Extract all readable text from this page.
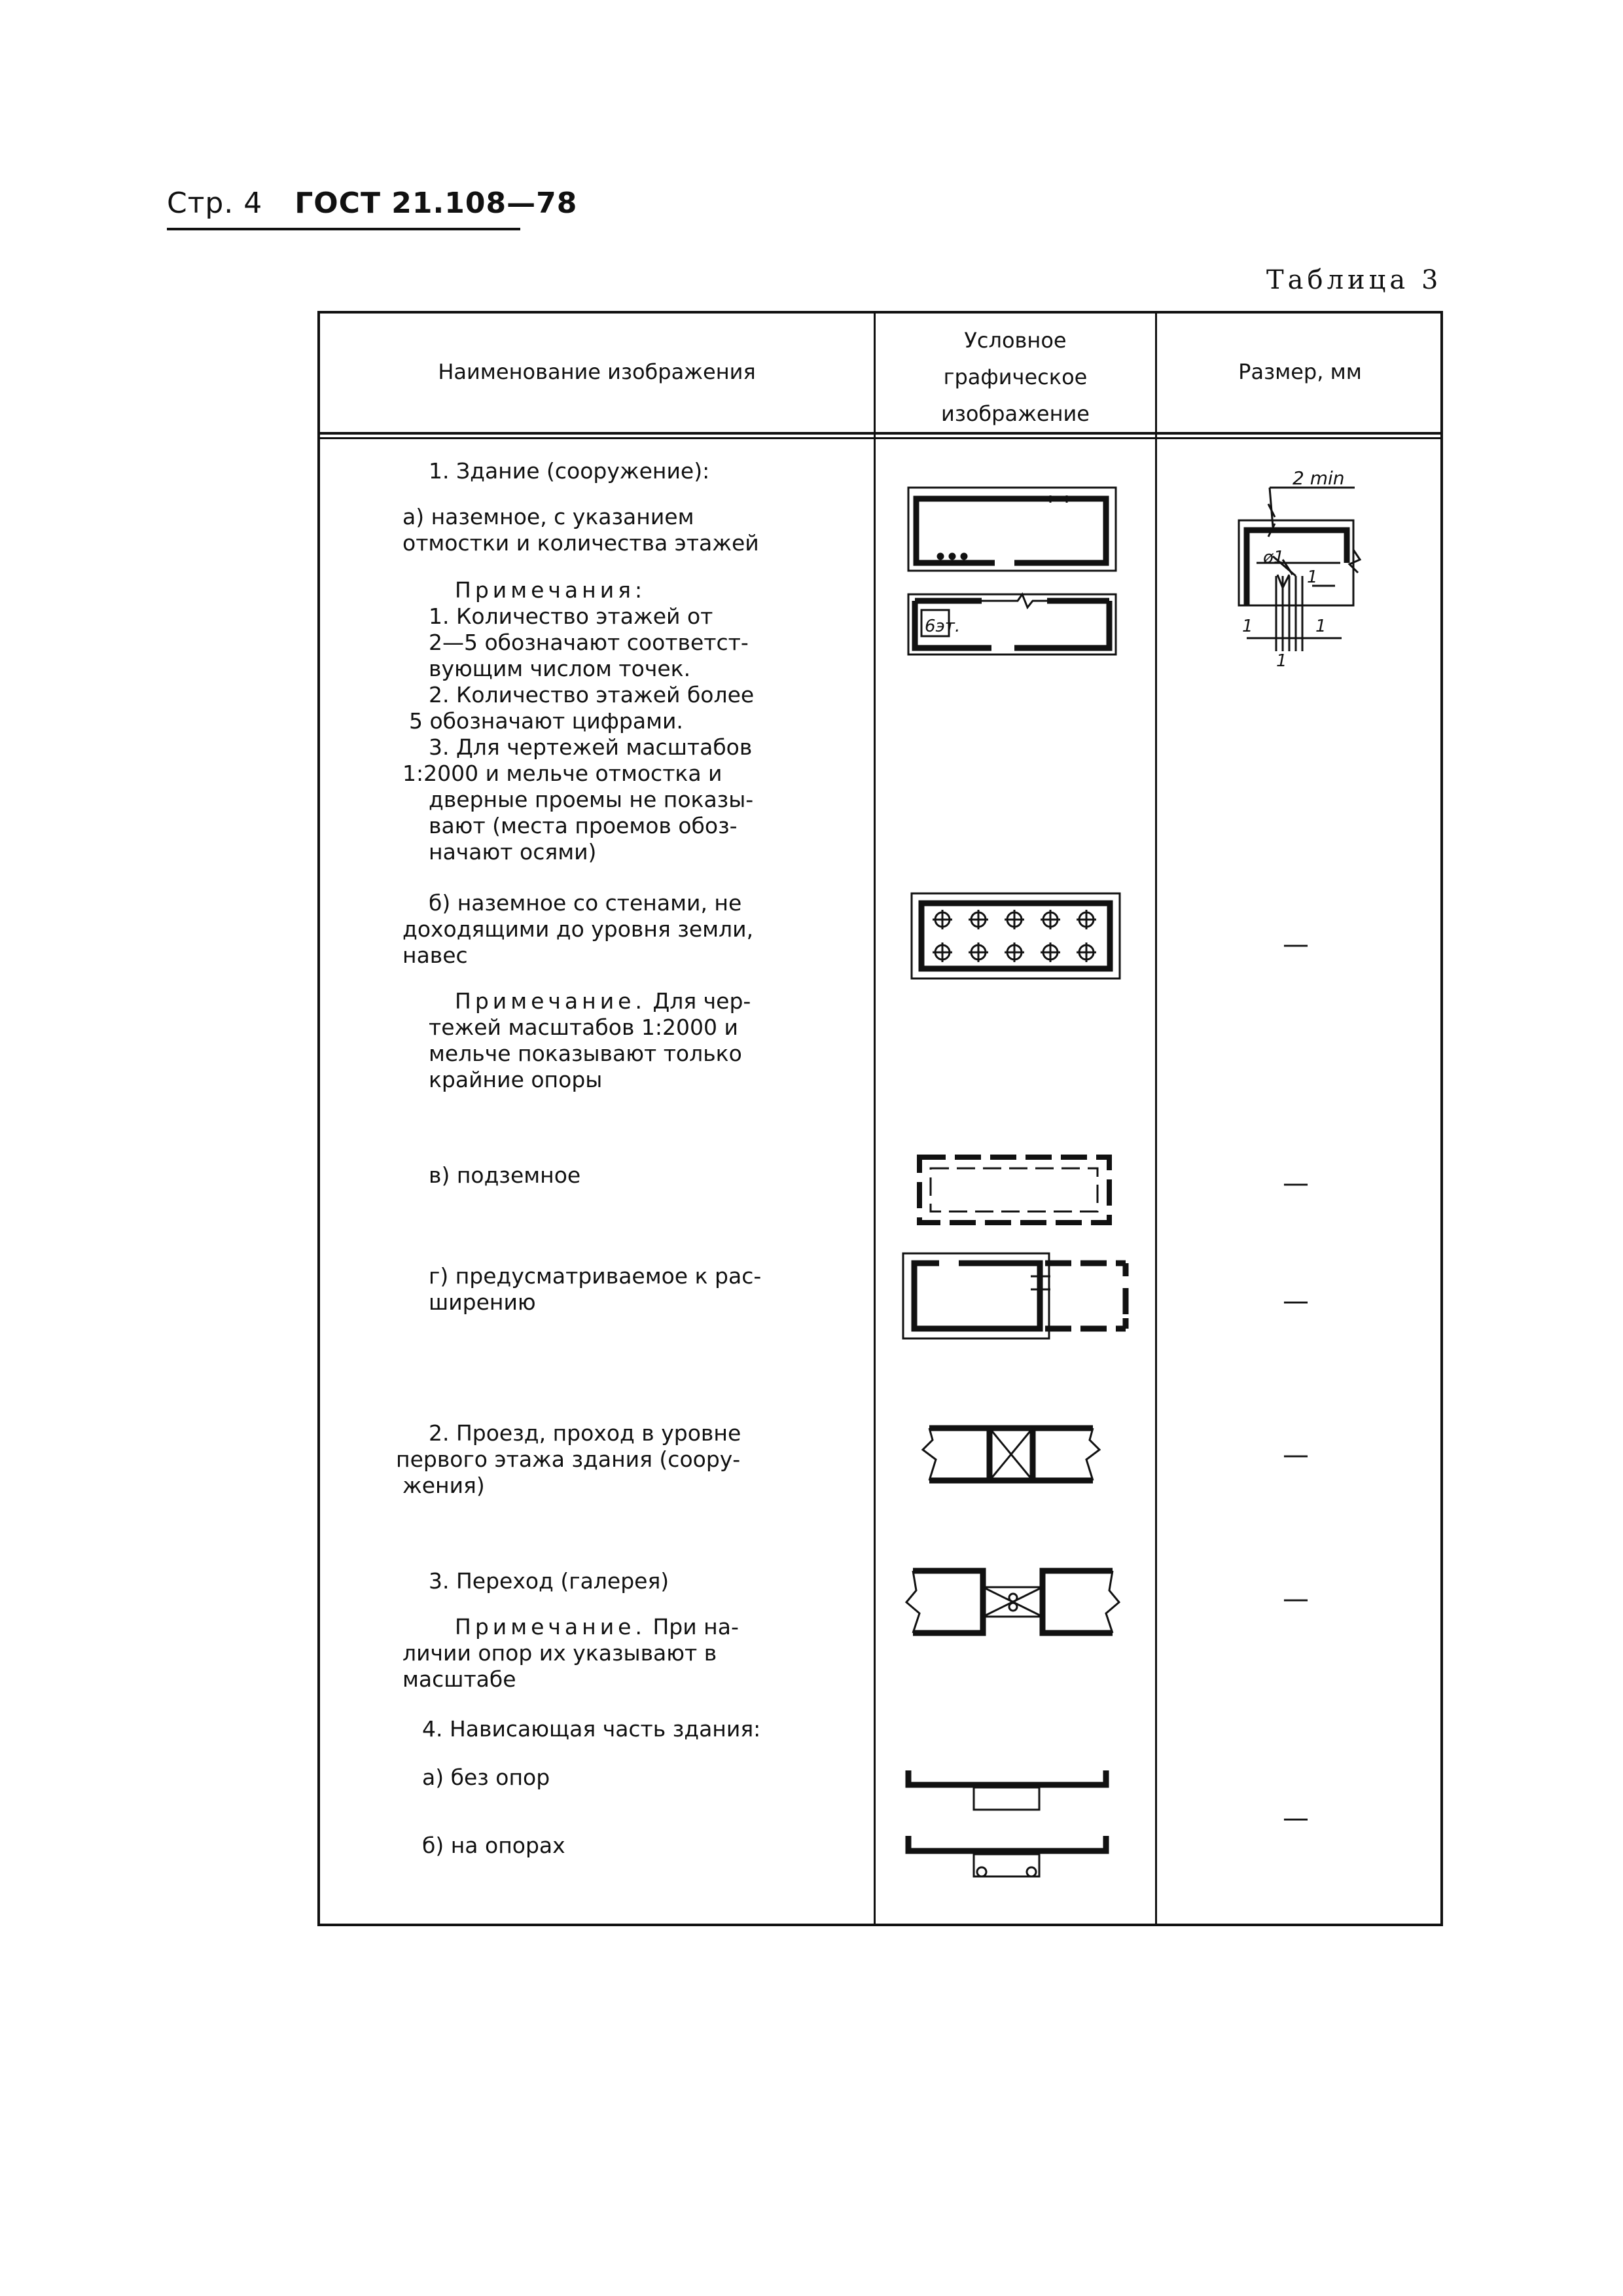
Стр. 4 ГОСТ 21.108—78
Таблица 3
Наименование изображения
Условное
графическое
изображение
Размер, мм
1. Здание (сооружение):
а) наземное, с указанием
отмостки и количества этажей
Примечания:
1. Количество этажей от
2—5 обозначают соответст-
вующим числом точек.
2. Количество этажей более
5 обозначают цифрами.
3. Для чертежей масштабов
1:2000 и мельче отмостка и
дверные проемы не показы-
вают (места проемов обоз-
начают осями)
б) наземное со стенами, не
доходящими до уровня земли,
навес
Примечание. Для чер-
тежей масштабов 1:2000 и
мельче показывают только
крайние опоры
в) подземное
г) предусматриваемое к рас-
ширению
2. Проезд, проход в уровне
первого этажа здания (соору-
жения)
3. Переход (галерея)
Примечание. При на-
личии опор их указывают в
масштабе
4. Нависающая часть здания:
а) без опор
б) на опорах
—
—
—
—
—
—
6эт.
2 min
ø1
1
1	1
1
